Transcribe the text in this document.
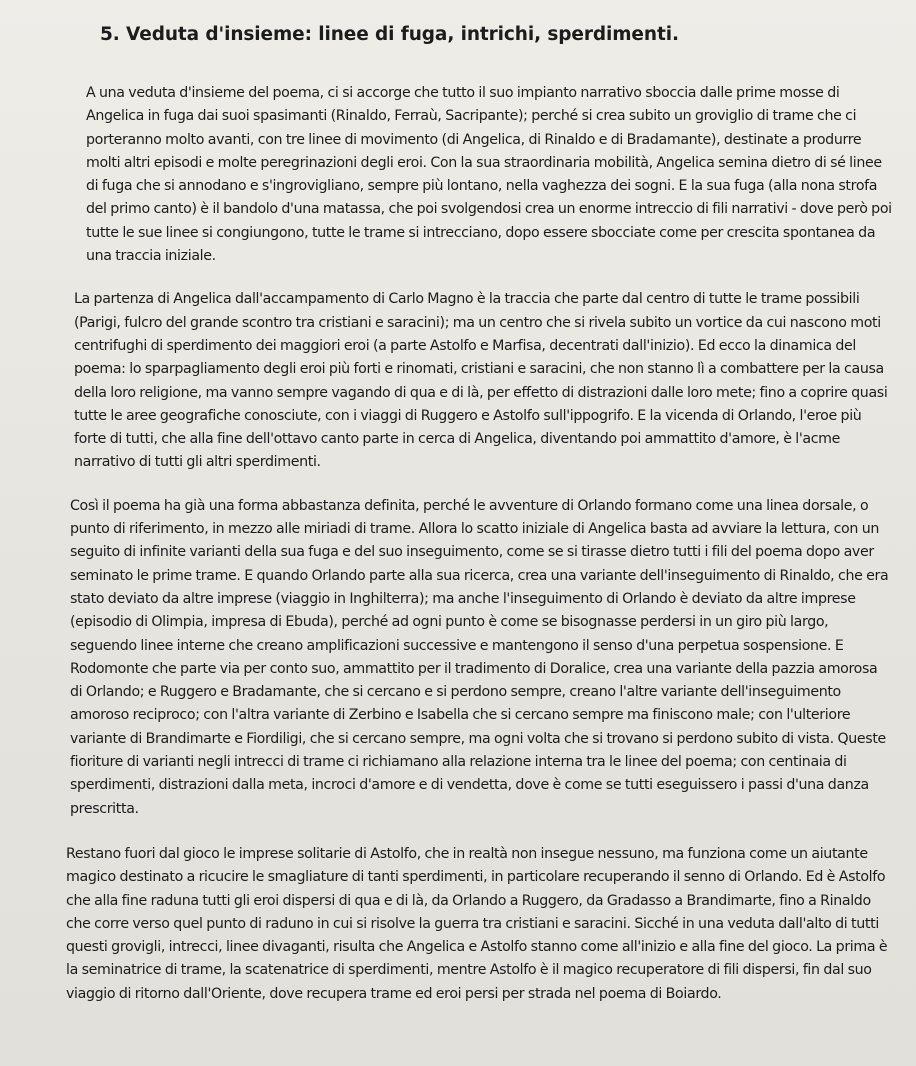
5. Veduta d'insieme: linee di fuga, intrichi, sperdimenti.

A una veduta d'insieme del poema, ci si accorge che tutto il suo impianto narrativo sboccia dalle prime mosse di Angelica in fuga dai suoi spasimanti (Rinaldo, Ferraù, Sacripante); perché si crea subito un groviglio di trame che ci porteranno molto avanti, con tre linee di movimento (di Angelica, di Rinaldo e di Bradamante), destinate a produrre molti altri episodi e molte peregrinazioni degli eroi. Con la sua straordinaria mobilità, Angelica semina dietro di sé linee di fuga che si annodano e s'ingrovigliano, sempre più lontano, nella vaghezza dei sogni. E la sua fuga (alla nona strofa del primo canto) è il bandolo d'una matassa, che poi svolgendosi crea un enorme intreccio di fili narrativi - dove però poi tutte le sue linee si congiungono, tutte le trame si intrecciano, dopo essere sbocciate come per crescita spontanea da una traccia iniziale.

La partenza di Angelica dall'accampamento di Carlo Magno è la traccia che parte dal centro di tutte le trame possibili (Parigi, fulcro del grande scontro tra cristiani e saracini); ma un centro che si rivela subito un vortice da cui nascono moti centrifughi di sperdimento dei maggiori eroi (a parte Astolfo e Marfisa, decentrati dall'inizio). Ed ecco la dinamica del poema: lo sparpagliamento degli eroi più forti e rinomati, cristiani e saracini, che non stanno lì a combattere per la causa della loro religione, ma vanno sempre vagando di qua e di là, per effetto di distrazioni dalle loro mete; fino a coprire quasi tutte le aree geografiche conosciute, con i viaggi di Ruggero e Astolfo sull'ippogrifo. E la vicenda di Orlando, l'eroe più forte di tutti, che alla fine dell'ottavo canto parte in cerca di Angelica, diventando poi ammattito d'amore, è l'acme narrativo di tutti gli altri sperdimenti.

Così il poema ha già una forma abbastanza definita, perché le avventure di Orlando formano come una linea dorsale, o punto di riferimento, in mezzo alle miriadi di trame. Allora lo scatto iniziale di Angelica basta ad avviare la lettura, con un seguito di infinite varianti della sua fuga e del suo inseguimento, come se si tirasse dietro tutti i fili del poema dopo aver seminato le prime trame. E quando Orlando parte alla sua ricerca, crea una variante dell'inseguimento di Rinaldo, che era stato deviato da altre imprese (viaggio in Inghilterra); ma anche l'inseguimento di Orlando è deviato da altre imprese (episodio di Olimpia, impresa di Ebuda), perché ad ogni punto è come se bisognasse perdersi in un giro più largo, seguendo linee interne che creano amplificazioni successive e mantengono il senso d'una perpetua sospensione. E Rodomonte che parte via per conto suo, ammattito per il tradimento di Doralice, crea una variante della pazzia amorosa di Orlando; e Ruggero e Bradamante, che si cercano e si perdono sempre, creano l'altre variante dell'inseguimento amoroso reciproco; con l'altra variante di Zerbino e Isabella che si cercano sempre ma finiscono male; con l'ulteriore variante di Brandimarte e Fiordiligi, che si cercano sempre, ma ogni volta che si trovano si perdono subito di vista. Queste fioriture di varianti negli intrecci di trame ci richiamano alla relazione interna tra le linee del poema; con centinaia di sperdimenti, distrazioni dalla meta, incroci d'amore e di vendetta, dove è come se tutti eseguissero i passi d'una danza prescritta.

Restano fuori dal gioco le imprese solitarie di Astolfo, che in realtà non insegue nessuno, ma funziona come un aiutante magico destinato a ricucire le smagliature di tanti sperdimenti, in particolare recuperando il senno di Orlando. Ed è Astolfo che alla fine raduna tutti gli eroi dispersi di qua e di là, da Orlando a Ruggero, da Gradasso a Brandimarte, fino a Rinaldo che corre verso quel punto di raduno in cui si risolve la guerra tra cristiani e saracini. Sicché in una veduta dall'alto di tutti questi grovigli, intrecci, linee divaganti, risulta che Angelica e Astolfo stanno come all'inizio e alla fine del gioco. La prima è la seminatrice di trame, la scatenatrice di sperdimenti, mentre Astolfo è il magico recuperatore di fili dispersi, fin dal suo viaggio di ritorno dall'Oriente, dove recupera trame ed eroi persi per strada nel poema di Boiardo.
